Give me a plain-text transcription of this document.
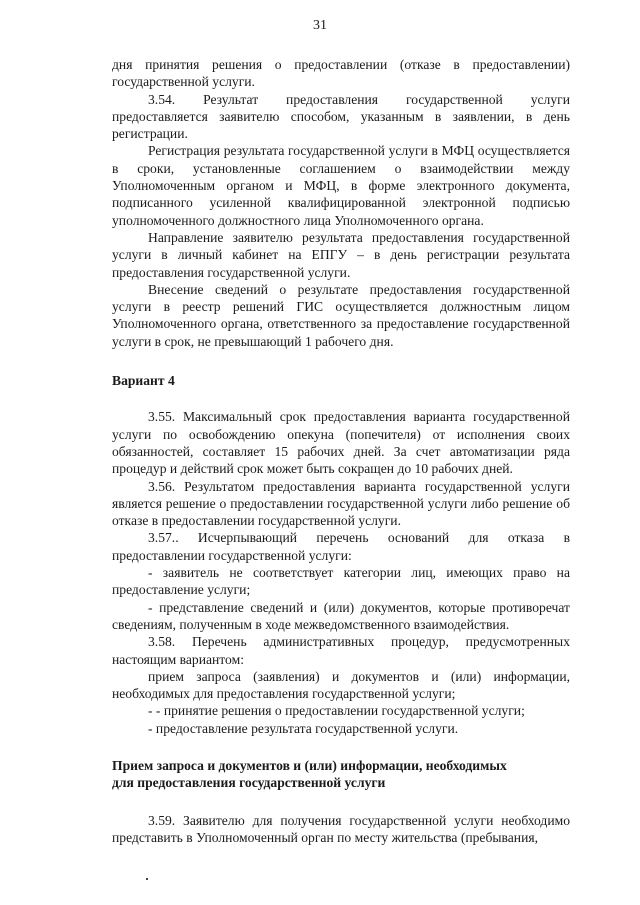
31

дня принятия решения о предоставлении (отказе в предоставлении) государственной услуги.

3.54. Результат предоставления государственной услуги предоставляется заявителю способом, указанным в заявлении, в день регистрации.

Регистрация результата государственной услуги в МФЦ осуществляется в сроки, установленные соглашением о взаимодействии между Уполномоченным органом и МФЦ, в форме электронного документа, подписанного усиленной квалифицированной электронной подписью уполномоченного должностного лица Уполномоченного органа.

Направление заявителю результата предоставления государственной услуги в личный кабинет на ЕПГУ – в день регистрации результата предоставления государственной услуги.

Внесение сведений о результате предоставления государственной услуги в реестр решений ГИС осуществляется должностным лицом Уполномоченного органа, ответственного за предоставление государственной услуги в срок, не превышающий 1 рабочего дня.

Вариант 4

3.55. Максимальный срок предоставления варианта государственной услуги по освобождению опекуна (попечителя) от исполнения своих обязанностей, составляет 15 рабочих дней. За счет автоматизации ряда процедур и действий срок может быть сокращен до 10 рабочих дней.

3.56. Результатом предоставления варианта государственной услуги является решение о предоставлении государственной услуги либо решение об отказе в предоставлении государственной услуги.

3.57.. Исчерпывающий перечень оснований для отказа в предоставлении государственной услуги:

- заявитель не соответствует категории лиц, имеющих право на предоставление услуги;

- представление сведений и (или) документов, которые противоречат сведениям, полученным в ходе межведомственного взаимодействия.

3.58. Перечень административных процедур, предусмотренных настоящим вариантом:

прием запроса (заявления) и документов и (или) информации, необходимых для предоставления государственной услуги;

- - принятие решения о предоставлении государственной услуги;

- предоставление результата государственной услуги.

Прием запроса и документов и (или) информации, необходимых
для предоставления государственной услуги

3.59. Заявителю для получения государственной услуги необходимо представить в Уполномоченный орган по месту жительства (пребывания,
